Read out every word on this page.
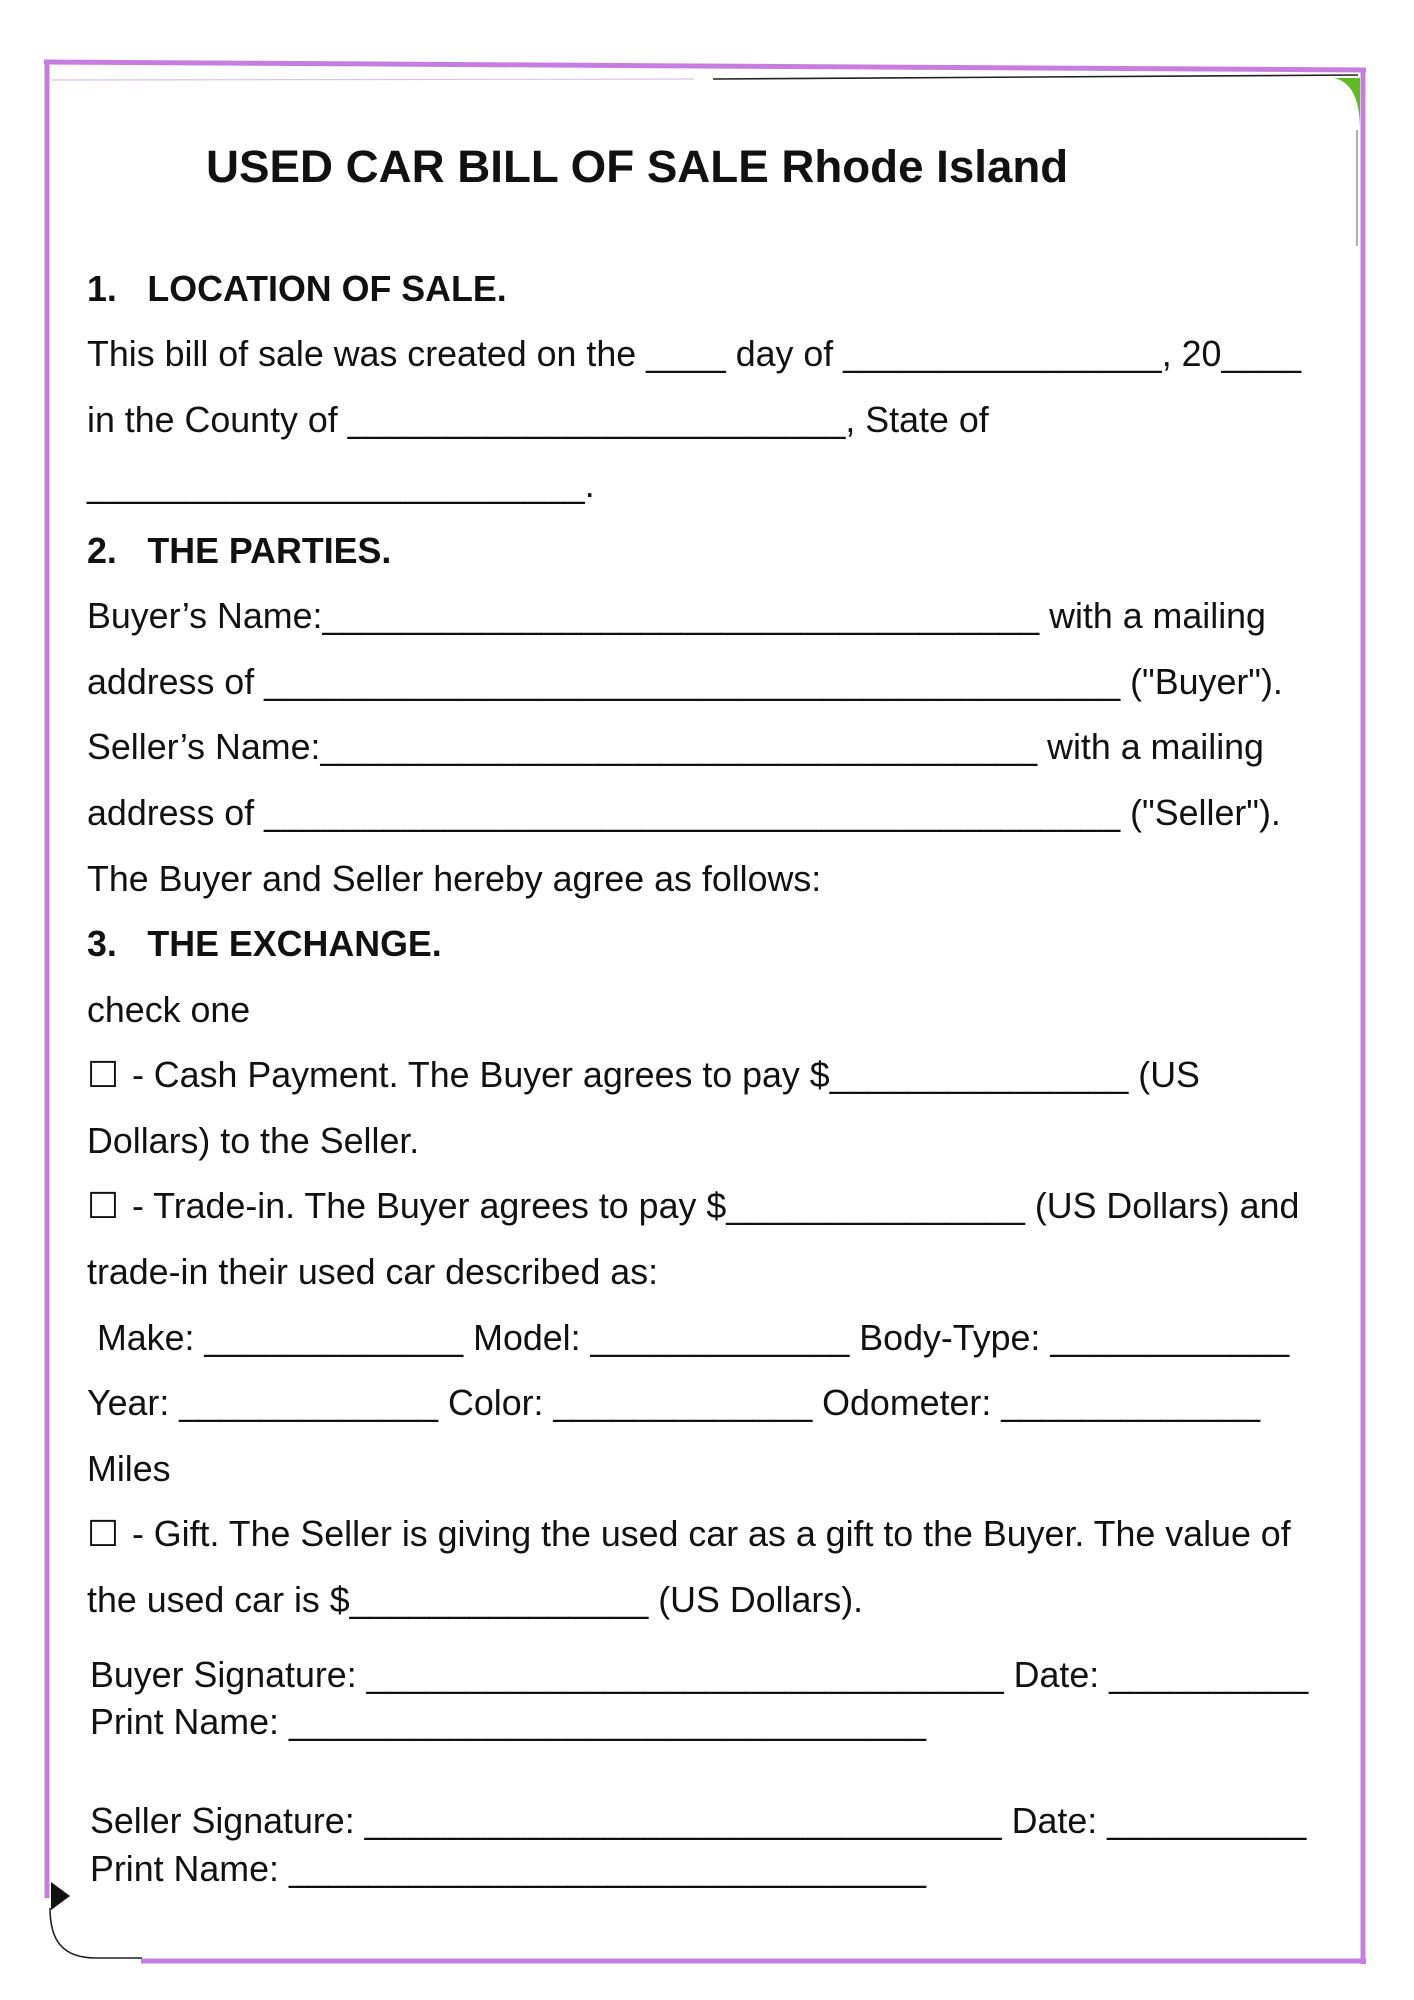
USED CAR BILL OF SALE Rhode Island
1. LOCATION OF SALE.
This bill of sale was created on the ____ day of ________________ , 20 ____
in the County of _________________________ , State of
_________________________ .
2. THE PARTIES.
Buyer’s Name: ____________________________________ with a mailing
address of ___________________________________________ ("Buyer").
Seller’s Name: ____________________________________ with a mailing
address of ___________________________________________ ("Seller").
The Buyer and Seller hereby agree as follows:
3. THE EXCHANGE.
check one
☐ - Cash Payment. The Buyer agrees to pay $ _______________ (US
Dollars) to the Seller.
☐ - Trade-in. The Buyer agrees to pay $ _______________ (US Dollars) and
trade-in their used car described as:
Make: _____________ Model: _____________ Body-Type: ____________
Year: _____________ Color: _____________ Odometer: _____________
Miles
☐ - Gift. The Seller is giving the used car as a gift to the Buyer. The value of
the used car is $ _______________ (US Dollars).
Buyer Signature: ________________________________ Date: __________
Print Name: ________________________________
Seller Signature: ________________________________ Date: __________
Print Name: ________________________________
